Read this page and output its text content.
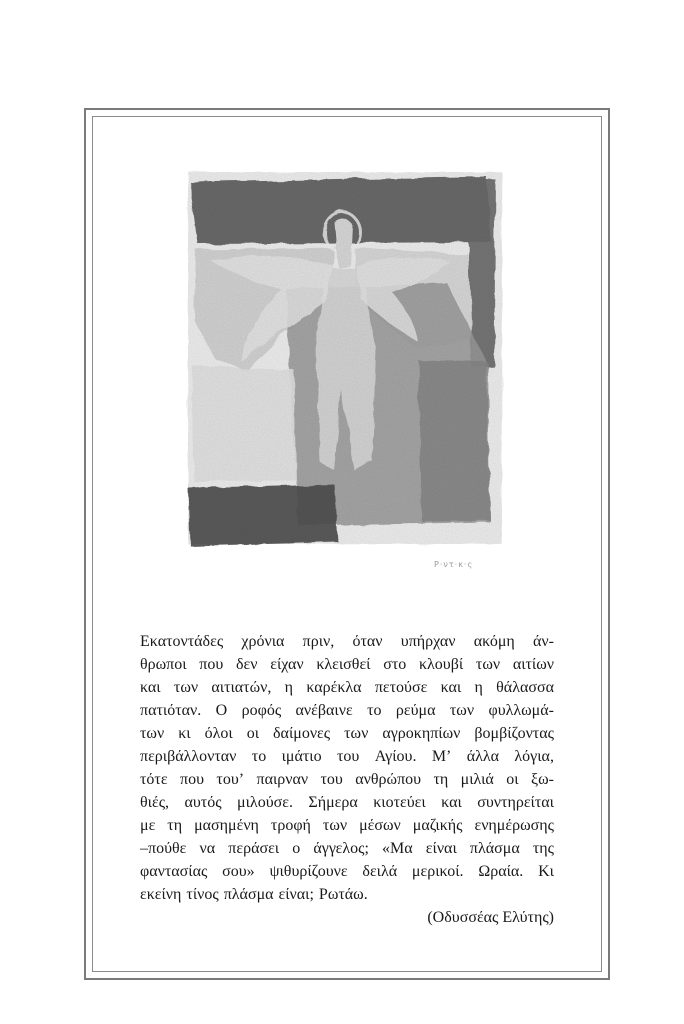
Ρ·ντ·κ·ς
Εκατοντάδες χρόνια πριν, όταν υπήρχαν ακόμη άν-
θρωποι που δεν είχαν κλεισθεί στο κλουβί των αιτίων
και των αιτιατών, η καρέκλα πετούσε και η θάλασσα
πατιόταν. Ο ροφός ανέβαινε το ρεύμα των φυλλωμά-
των κι όλοι οι δαίμονες των αγροκηπίων βομβίζοντας
περιβάλλονταν το ιμάτιο του Αγίου. Μ’ άλλα λόγια,
τότε που του’ παιρναν του ανθρώπου τη μιλιά οι ξω-
θιές, αυτός μιλούσε. Σήμερα κιοτεύει και συντηρείται
με τη μασημένη τροφή των μέσων μαζικής ενημέρωσης
–πούθε να περάσει ο άγγελος; «Μα είναι πλάσμα της
φαντασίας σου» ψιθυρίζουνε δειλά μερικοί. Ωραία. Κι
εκείνη τίνος πλάσμα είναι; Ρωτάω.
(Οδυσσέας Ελύτης)
